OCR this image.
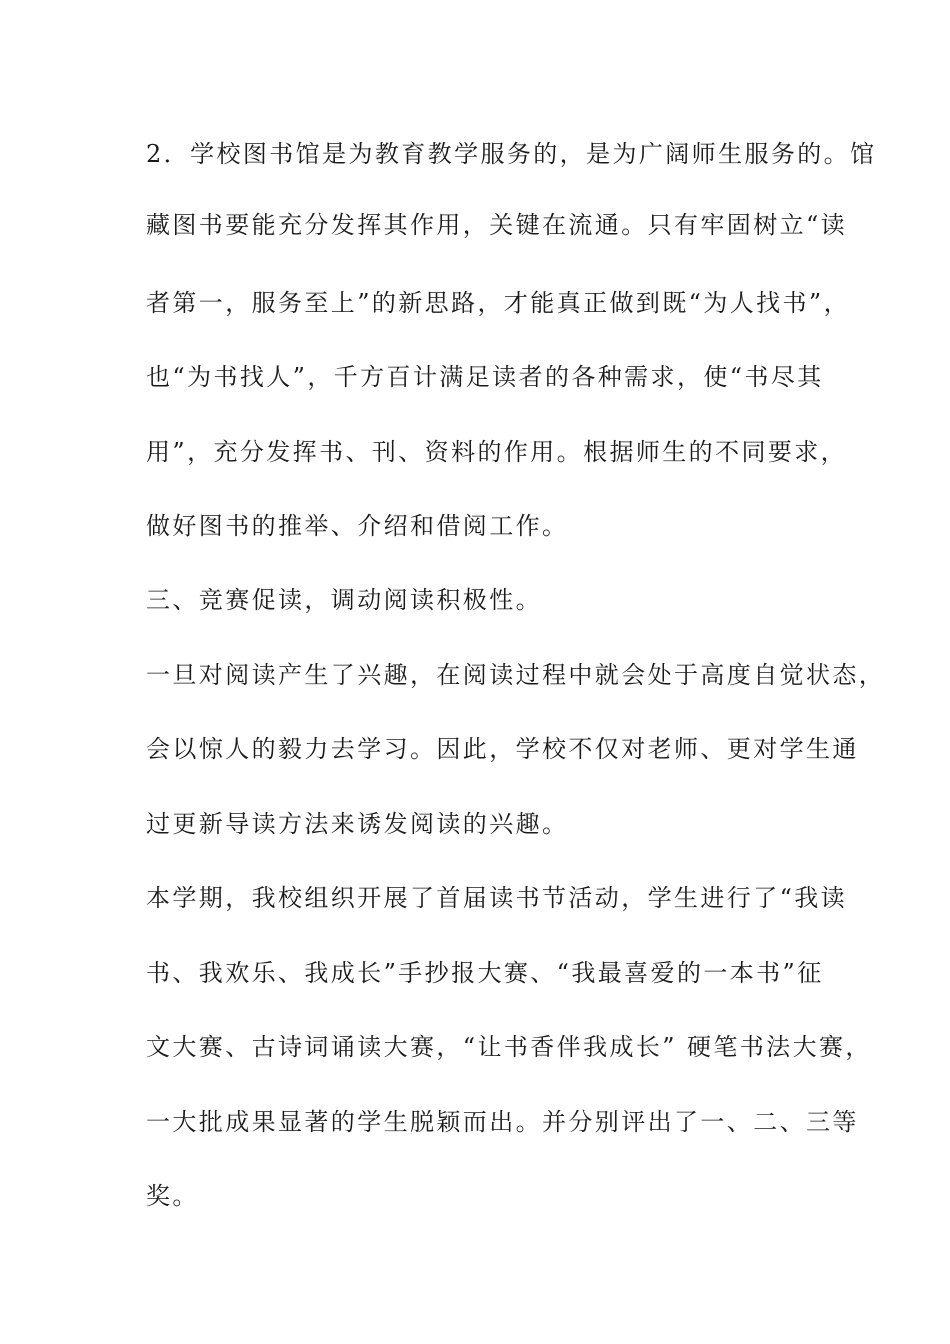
2．学校图书馆是为教育教学服务的，是为广阔师生服务的。馆
藏图书要能充分发挥其作用，关键在流通。只有牢固树立“读
者第一，服务至上”的新思路，才能真正做到既“为人找书”，
也“为书找人”，千方百计满足读者的各种需求，使“书尽其
用”，充分发挥书、刊、资料的作用。根据师生的不同要求，
做好图书的推举、介绍和借阅工作。
三、竞赛促读，调动阅读积极性。
一旦对阅读产生了兴趣，在阅读过程中就会处于高度自觉状态，
会以惊人的毅力去学习。因此，学校不仅对老师、更对学生通
过更新导读方法来诱发阅读的兴趣。
本学期，我校组织开展了首届读书节活动，学生进行了“我读
书、我欢乐、我成长”手抄报大赛、“我最喜爱的一本书”征
文大赛、古诗词诵读大赛，“让书香伴我成长” 硬笔书法大赛，
一大批成果显著的学生脱颖而出。并分别评出了一、二、三等
奖。
